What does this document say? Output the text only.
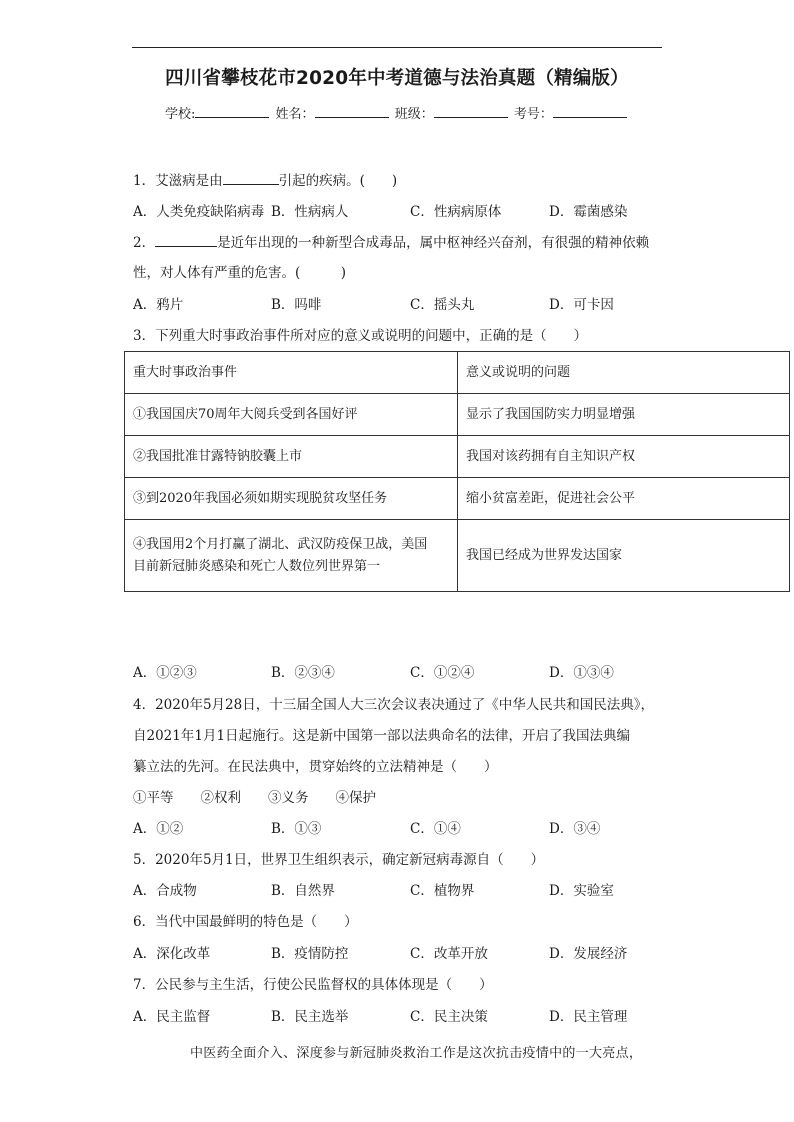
四川省攀枝花市2020年中考道德与法治真题（精编版）
学校:	姓名：	班级：	考号：
1．艾滋病是由	引起的疾病。(　　)
A．人类免疫缺陷病毒 B．性病病人	C．性病病原体	D．霉菌感染
2．	是近年出现的一种新型合成毒品，属中枢神经兴奋剂，有很强的精神依赖
性，对人体有严重的危害。(　　　)
A．鸦片	B．吗啡	C．摇头丸	D．可卡因
3．下列重大时事政治事件所对应的意义或说明的问题中，正确的是（　　）
重大时事政治事件	意义或说明的问题
①我国国庆70周年大阅兵受到各国好评	显示了我国国防实力明显增强
②我国批准甘露特钠胶囊上市	我国对该药拥有自主知识产权
③到2020年我国必须如期实现脱贫攻坚任务	缩小贫富差距，促进社会公平

④我国用2个月打赢了湖北、武汉防疫保卫战，美国
目前新冠肺炎感染和死亡人数位列世界第一	我国已经成为世界发达国家
A．①②③	B．②③④	C．①②④	D．①③④
4．2020年5月28日，十三届全国人大三次会议表决通过了《中华人民共和国民法典》，
自2021年1月1日起施行。这是新中国第一部以法典命名的法律，开启了我国法典编
纂立法的先河。在民法典中，贯穿始终的立法精神是（　　）
①平等　　②权利　　③义务　　④保护
A．①②	B．①③	C．①④	D．③④
5．2020年5月1日，世界卫生组织表示，确定新冠病毒源自（　　）
A．合成物	B．自然界	C．植物界	D．实验室
6．当代中国最鲜明的特色是（　　）
A．深化改革	B．疫情防控	C．改革开放	D．发展经济
7．公民参与主生活，行使公民监督权的具体体现是（　　）
A．民主监督	B．民主选举	C．民主决策	D．民主管理
中医药全面介入、深度参与新冠肺炎救治工作是这次抗击疫情中的一大亮点，
